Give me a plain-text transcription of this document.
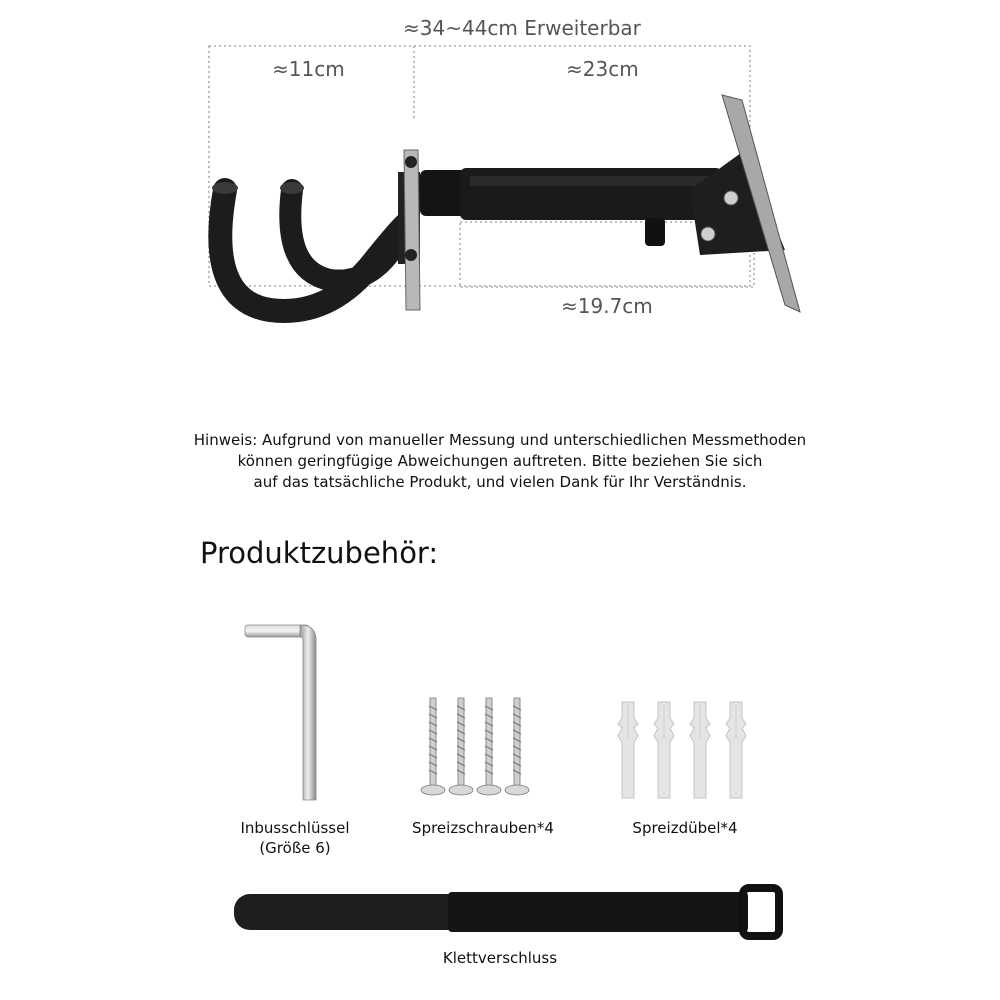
≈34~44cm Erweiterbar
≈11cm	≈23cm
≈19.7cm
Hinweis: Aufgrund von manueller Messung und unterschiedlichen Messmethoden
können geringfügige Abweichungen auftreten. Bitte beziehen Sie sich
auf das tatsächliche Produkt, und vielen Dank für Ihr Verständnis.
Produktzubehör:
Inbusschlüssel
(Größe 6)
Spreizschrauben*4	Spreizdübel*4
Klettverschluss
